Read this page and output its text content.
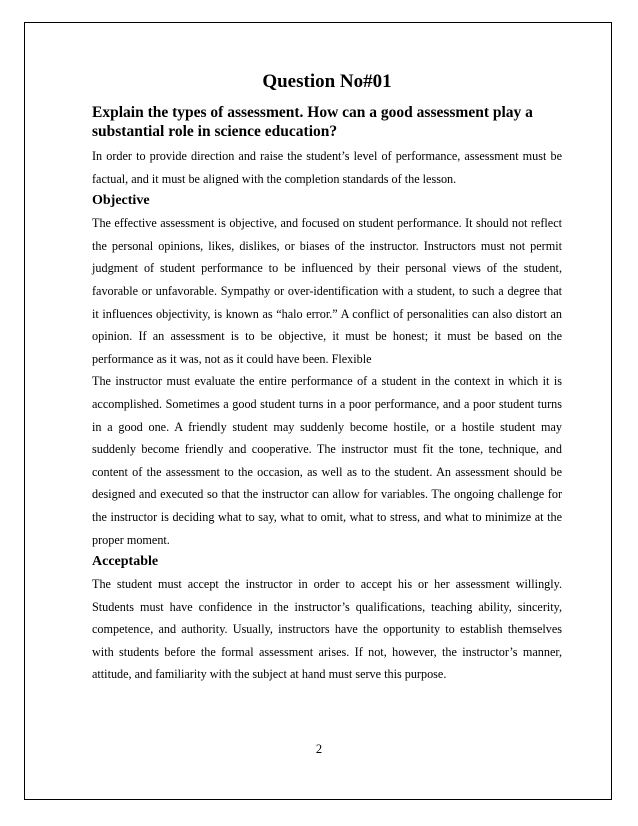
Question No#01

Explain the types of assessment. How can a good assessment play a substantial role in science education?

In order to provide direction and raise the student’s level of performance, assessment must be factual, and it must be aligned with the completion standards of the lesson.

Objective

The effective assessment is objective, and focused on student performance. It should not reflect the personal opinions, likes, dislikes, or biases of the instructor. Instructors must not permit judgment of student performance to be influenced by their personal views of the student, favorable or unfavorable. Sympathy or over-identification with a student, to such a degree that it influences objectivity, is known as “halo error.” A conflict of personalities can also distort an opinion. If an assessment is to be objective, it must be honest; it must be based on the performance as it was, not as it could have been. Flexible

The instructor must evaluate the entire performance of a student in the context in which it is accomplished. Sometimes a good student turns in a poor performance, and a poor student turns in a good one. A friendly student may suddenly become hostile, or a hostile student may suddenly become friendly and cooperative. The instructor must fit the tone, technique, and content of the assessment to the occasion, as well as to the student. An assessment should be designed and executed so that the instructor can allow for variables. The ongoing challenge for the instructor is deciding what to say, what to omit, what to stress, and what to minimize at the proper moment.

Acceptable

The student must accept the instructor in order to accept his or her assessment willingly. Students must have confidence in the instructor’s qualifications, teaching ability, sincerity, competence, and authority. Usually, instructors have the opportunity to establish themselves with students before the formal assessment arises. If not, however, the instructor’s manner, attitude, and familiarity with the subject at hand must serve this purpose.

2
